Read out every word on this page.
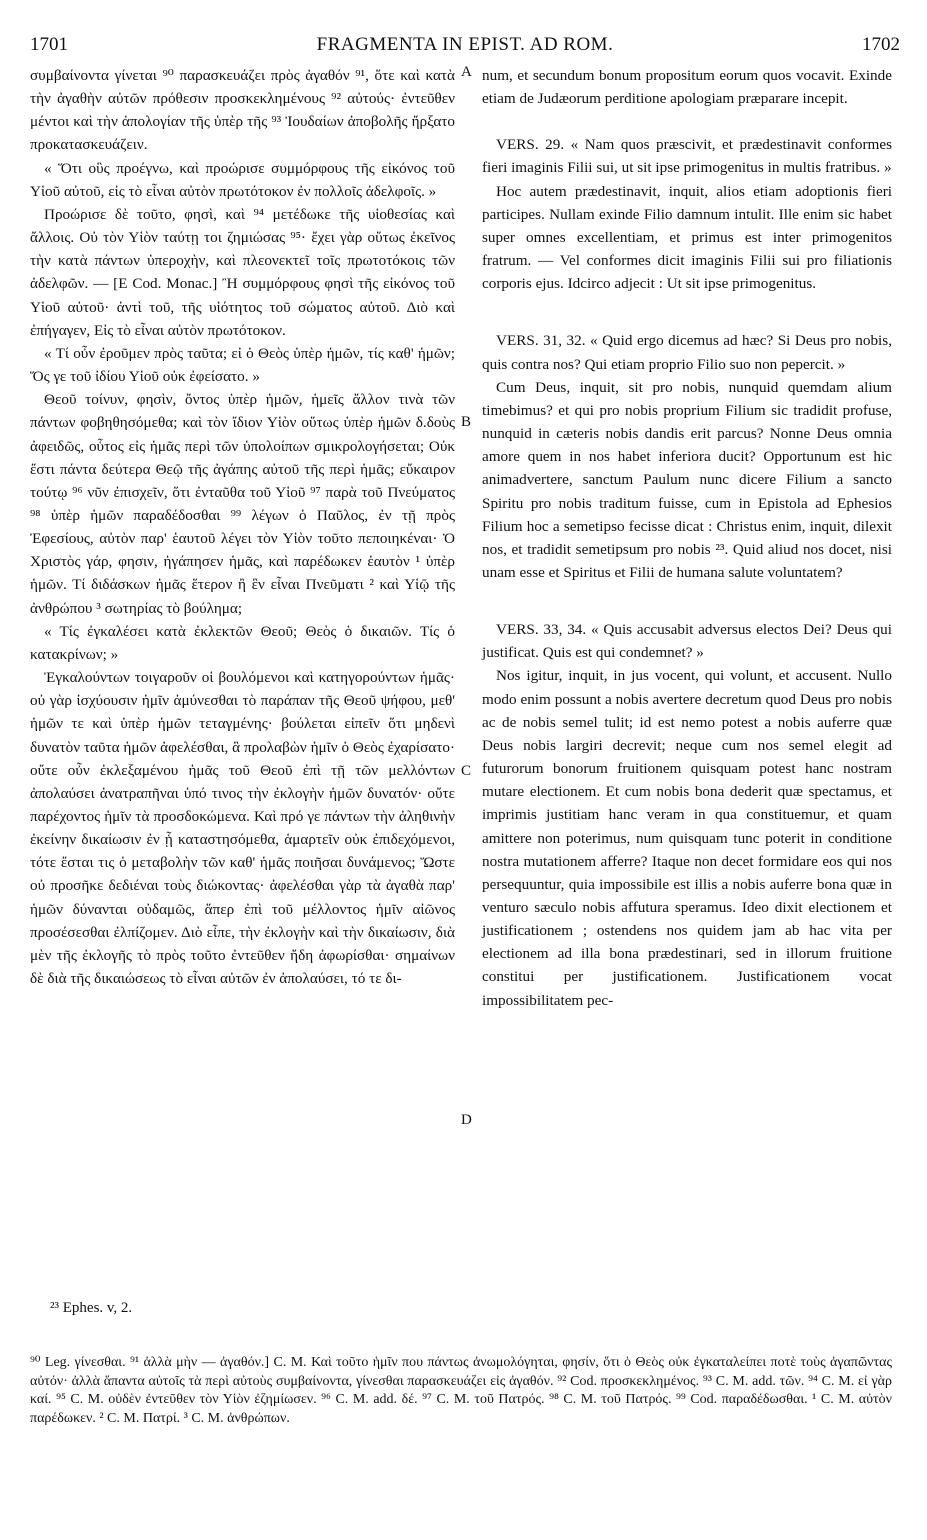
1701	FRAGMENTA IN EPIST. AD ROM.	1702

συμβαίνοντα γίνεται ⁹⁰ παρασκευάζει πρὸς ἀγαθόν ⁹¹, ὅτε καὶ κατὰ τὴν ἀγαθὴν αὐτῶν πρόθεσιν προσκεκλημένους ⁹² αὐτούς· ἐντεῦθεν μέντοι καὶ τὴν ἀπολογίαν τῆς ὑπὲρ τῆς ⁹³ Ἰουδαίων ἀποβολῆς ἤρξατο προκατασκευάζειν.

« Ὅτι οὓς προέγνω, καὶ προώρισε συμμόρφους τῆς εἰκόνος τοῦ Υἱοῦ αὐτοῦ, εἰς τὸ εἶναι αὐτὸν πρωτότοκον ἐν πολλοῖς ἀδελφοῖς. »

Προώρισε δὲ τοῦτο, φησὶ, καὶ ⁹⁴ μετέδωκε τῆς υἱοθεσίας καὶ ἄλλοις. Οὐ τὸν Υἱὸν ταύτῃ τοι ζημιώσας ⁹⁵· ἔχει γὰρ οὕτως ἐκεῖνος τὴν κατὰ πάντων ὑπεροχὴν, καὶ πλεονεκτεῖ τοῖς πρωτοτόκοις τῶν ἀδελφῶν. — [E Cod. Monac.] Ἢ συμμόρφους φησὶ τῆς εἰκόνος τοῦ Υἱοῦ αὐτοῦ· ἀντὶ τοῦ, τῆς υἱότητος τοῦ σώματος αὐτοῦ. Διὸ καὶ ἐπήγαγεν, Εἰς τὸ εἶναι αὐτὸν πρωτότοκον.

« Τί οὖν ἐροῦμεν πρὸς ταῦτα; εἰ ὁ Θεὸς ὑπὲρ ἡμῶν, τίς καθ' ἡμῶν; Ὅς γε τοῦ ἰδίου Υἱοῦ οὐκ ἐφείσατο. »

Θεοῦ τοίνυν, φησὶν, ὄντος ὑπὲρ ἡμῶν, ἡμεῖς ἄλλον τινὰ τῶν πάντων φοβηθησόμεθα; καὶ τὸν ἴδιον Υἱὸν οὕτως ὑπὲρ ἡμῶν δ.δοὺς ἀφειδῶς, οὗτος εἰς ἡμᾶς περὶ τῶν ὑπολοίπων σμικρολογήσεται; Οὐκ ἔστι πάντα δεύτερα Θεῷ τῆς ἀγάπης αὐτοῦ τῆς περὶ ἡμᾶς; εὔκαιρον τούτῳ ⁹⁶ νῦν ἐπισχεῖν, ὅτι ἐνταῦθα τοῦ Υἱοῦ ⁹⁷ παρὰ τοῦ Πνεύματος ⁹⁸ ὑπὲρ ἡμῶν παραδέδοσθαι ⁹⁹ λέγων ὁ Παῦλος, ἐν τῇ πρὸς Ἐφεσίους, αὐτὸν παρ' ἑαυτοῦ λέγει τὸν Υἱὸν τοῦτο πεποιηκέναι· Ὁ Χριστὸς γάρ, φησιν, ἠγάπησεν ἡμᾶς, καὶ παρέδωκεν ἑαυτὸν ¹ ὑπὲρ ἡμῶν. Τί διδάσκων ἡμᾶς ἕτερον ἢ ἓν εἶναι Πνεῦματι ² καὶ Υἱῷ τῆς ἀνθρώπου ³ σωτηρίας τὸ βούλημα;

« Τίς ἐγκαλέσει κατὰ ἐκλεκτῶν Θεοῦ; Θεὸς ὁ δικαιῶν. Τίς ὁ κατακρίνων; »

Ἐγκαλούντων τοιγαροῦν οἱ βουλόμενοι καὶ κατηγορούντων ἡμᾶς· οὐ γὰρ ἰσχύουσιν ἡμῖν ἀμύνεσθαι τὸ παράπαν τῆς Θεοῦ ψήφου, μεθ' ἡμῶν τε καὶ ὑπὲρ ἡμῶν τεταγμένης· βούλεται εἰπεῖν ὅτι μηδενὶ δυνατὸν ταῦτα ἡμῶν ἀφελέσθαι, ἃ προλαβὼν ἡμῖν ὁ Θεὸς ἐχαρίσατο· οὔτε οὖν ἐκλεξαμένου ἡμᾶς τοῦ Θεοῦ ἐπὶ τῇ τῶν μελλόντων ἀπολαύσει ἀνατραπῆναι ὑπό τινος τὴν ἐκλογὴν ἡμῶν δυνατόν· οὔτε παρέχοντος ἡμῖν τὰ προσδοκώμενα. Καὶ πρό γε πάντων τὴν ἀληθινὴν ἐκείνην δικαίωσιν ἐν ᾗ καταστησόμεθα, ἁμαρτεῖν οὐκ ἐπιδεχόμενοι, τότε ἔσται τις ὁ μεταβολὴν τῶν καθ' ἡμᾶς ποιῆσαι δυνάμενος; Ὥστε οὐ προσῆκε δεδιέναι τοὺς διώκοντας· ἀφελέσθαι γὰρ τὰ ἀγαθὰ παρ' ἡμῶν δύνανται οὐδαμῶς, ἅπερ ἐπὶ τοῦ μέλλοντος ἡμῖν αἰῶνος προσέσεσθαι ἐλπίζομεν. Διὸ εἶπε, τὴν ἐκλογὴν καὶ τὴν δικαίωσιν, διὰ μὲν τῆς ἐκλογῆς τὸ πρὸς τοῦτο ἐντεῦθεν ἤδη ἀφωρίσθαι· σημαίνων δὲ διὰ τῆς δικαιώσεως τὸ εἶναι αὐτῶν ἐν ἀπολαύσει, τό τε δι-

A
B
C
D

num, et secundum bonum propositum eorum quos vocavit. Exinde etiam de Judæorum perditione apologiam præparare incepit.

VERS. 29. « Nam quos præscivit, et prædestinavit conformes fieri imaginis Filii sui, ut sit ipse primogenitus in multis fratribus. »

Hoc autem prædestinavit, inquit, alios etiam adoptionis fieri participes. Nullam exinde Filio damnum intulit. Ille enim sic habet super omnes excellentiam, et primus est inter primogenitos fratrum. — Vel conformes dicit imaginis Filii sui pro filiationis corporis ejus. Idcirco adjecit : Ut sit ipse primogenitus.

VERS. 31, 32. « Quid ergo dicemus ad hæc? Si Deus pro nobis, quis contra nos? Qui etiam proprio Filio suo non pepercit. »

Cum Deus, inquit, sit pro nobis, nunquid quemdam alium timebimus? et qui pro nobis proprium Filium sic tradidit profuse, nunquid in cæteris nobis dandis erit parcus? Nonne Deus omnia amore quem in nos habet inferiora ducit? Opportunum est hic animadvertere, sanctum Paulum nunc dicere Filium a sancto Spiritu pro nobis traditum fuisse, cum in Epistola ad Ephesios Filium hoc a semetipso fecisse dicat : Christus enim, inquit, dilexit nos, et tradidit semetipsum pro nobis ²³. Quid aliud nos docet, nisi unam esse et Spiritus et Filii de humana salute voluntatem?

VERS. 33, 34. « Quis accusabit adversus electos Dei? Deus qui justificat. Quis est qui condemnet? »

Nos igitur, inquit, in jus vocent, qui volunt, et accusent. Nullo modo enim possunt a nobis avertere decretum quod Deus pro nobis ac de nobis semel tulit; id est nemo potest a nobis auferre quæ Deus nobis largiri decrevit; neque cum nos semel elegit ad futurorum bonorum fruitionem quisquam potest hanc nostram mutare electionem. Et cum nobis bona dederit quæ spectamus, et imprimis justitiam hanc veram in qua constituemur, et quam amittere non poterimus, num quisquam tunc poterit in conditione nostra mutationem afferre? Itaque non decet formidare eos qui nos persequuntur, quia impossibile est illis a nobis auferre bona quæ in venturo sæculo nobis affutura speramus. Ideo dixit electionem et justificationem ; ostendens nos quidem jam ab hac vita per electionem ad illa bona prædestinari, sed in illorum fruitione constitui per justificationem. Justificationem vocat impossibilitatem pec-

²³ Ephes. v, 2.

⁹⁰ Leg. γίνεσθαι. ⁹¹ ἀλλὰ μὴν — ἀγαθόν.] C. M. Καὶ τοῦτο ἡμῖν που πάντως ἀνωμολόγηται, φησίν, ὅτι ὁ Θεὸς οὐκ ἐγκαταλείπει ποτὲ τοὺς ἀγαπῶντας αὐτόν· ἀλλὰ ἅπαντα αὐτοῖς τὰ περὶ αὐτοὺς συμβαίνοντα, γίνεσθαι παρασκευάζει εἰς ἀγαθόν. ⁹² Cod. προσκεκλημένος. ⁹³ C. M. add. τῶν. ⁹⁴ C. M. εἰ γὰρ καί. ⁹⁵ C. M. οὐδὲν ἐντεῦθεν τὸν Υἱὸν ἐζημίωσεν. ⁹⁶ C. M. add. δέ. ⁹⁷ C. M. τοῦ Πατρός. ⁹⁸ C. M. τοῦ Πατρός. ⁹⁹ Cod. παραδέδωσθαι. ¹ C. M. αὐτὸν παρέδωκεν. ² C. M. Πατρί. ³ C. M. ἀνθρώπων.
